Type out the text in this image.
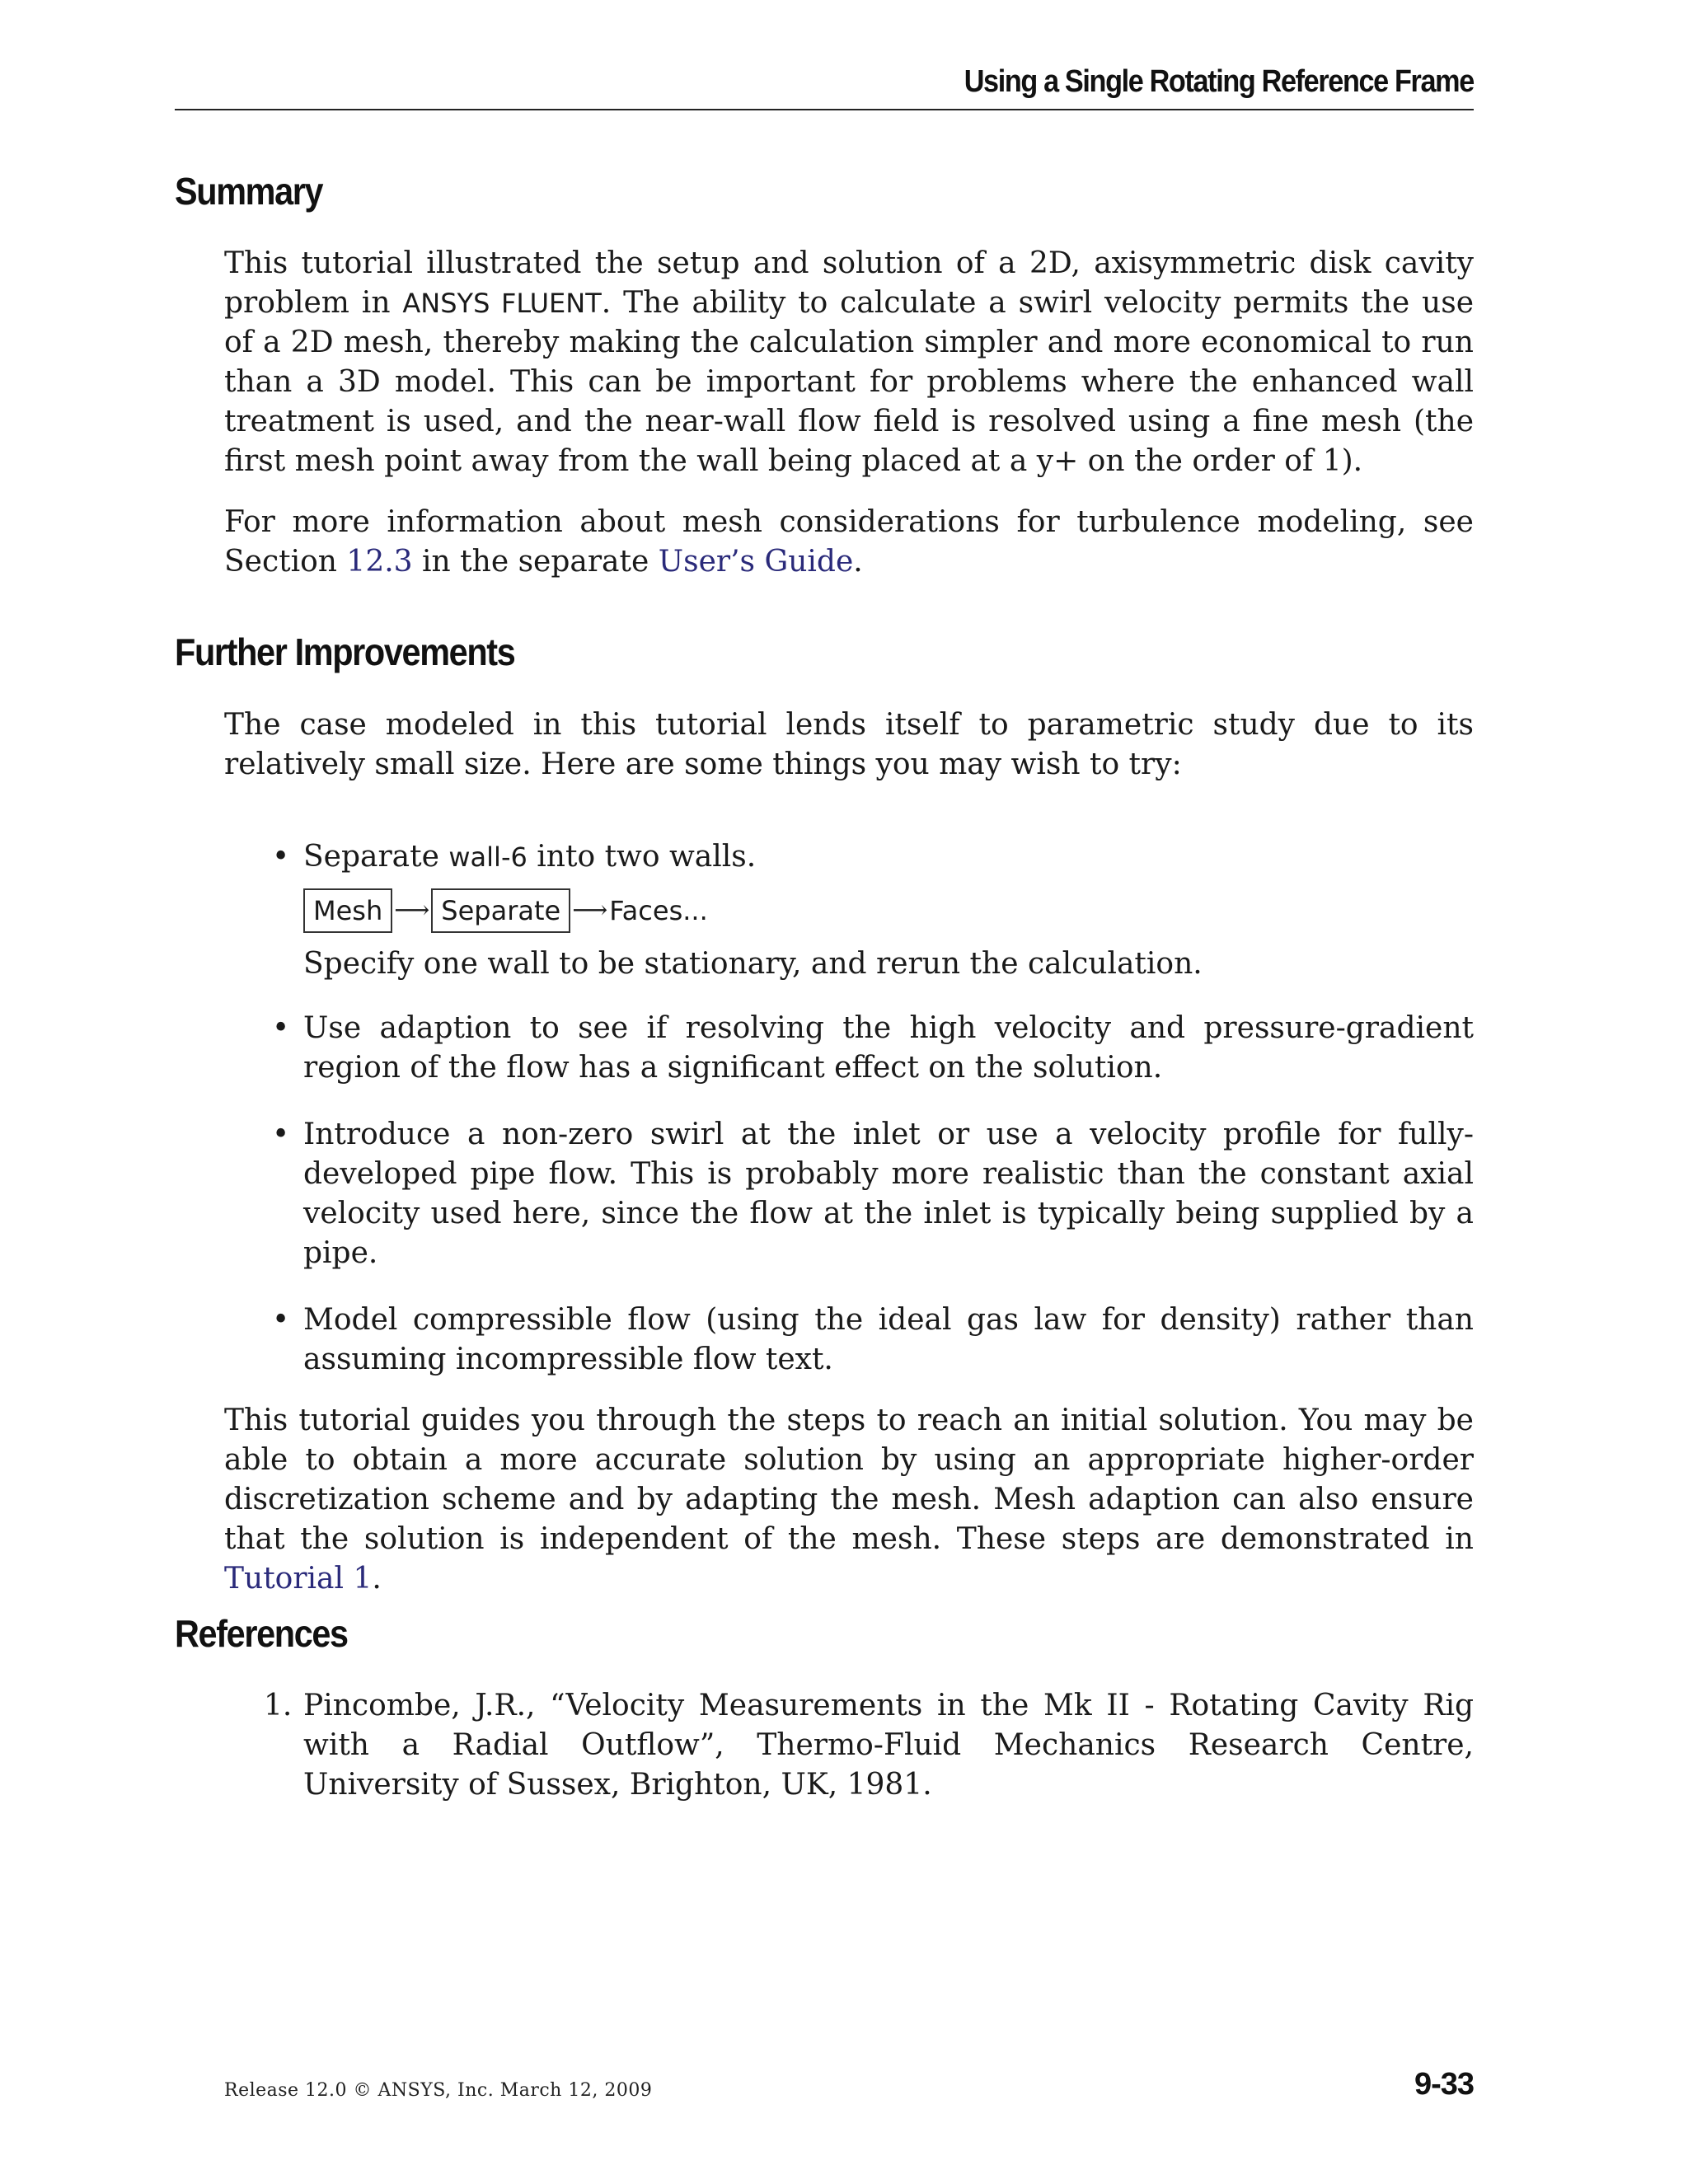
Using a Single Rotating Reference Frame
Summary

This tutorial illustrated the setup and solution of a 2D, axisymmetric disk cavity problem in ANSYS FLUENT. The ability to calculate a swirl velocity permits the use of a 2D mesh, thereby making the calculation simpler and more economical to run than a 3D model. This can be important for problems where the enhanced wall treatment is used, and the near-wall flow field is resolved using a fine mesh (the first mesh point away from the wall being placed at a y+ on the order of 1).

For more information about mesh considerations for turbulence modeling, see Section 12.3 in the separate User’s Guide.

Further Improvements

The case modeled in this tutorial lends itself to parametric study due to its relatively small size. Here are some things you may wish to try:

• Separate wall-6 into two walls.
Mesh ⟶ Separate ⟶ Faces...
Specify one wall to be stationary, and rerun the calculation.
• Use adaption to see if resolving the high velocity and pressure-gradient region of the flow has a significant effect on the solution.
• Introduce a non-zero swirl at the inlet or use a velocity profile for fully-developed pipe flow. This is probably more realistic than the constant axial velocity used here, since the flow at the inlet is typically being supplied by a pipe.
• Model compressible flow (using the ideal gas law for density) rather than assuming incompressible flow text.

This tutorial guides you through the steps to reach an initial solution. You may be able to obtain a more accurate solution by using an appropriate higher-order discretization scheme and by adapting the mesh. Mesh adaption can also ensure that the solution is independent of the mesh. These steps are demonstrated in Tutorial 1.

References
1. Pincombe, J.R., “Velocity Measurements in the Mk II - Rotating Cavity Rig with a Radial Outflow”, Thermo-Fluid Mechanics Research Centre, University of Sussex, Brighton, UK, 1981.
Release 12.0 © ANSYS, Inc. March 12, 2009	9-33
